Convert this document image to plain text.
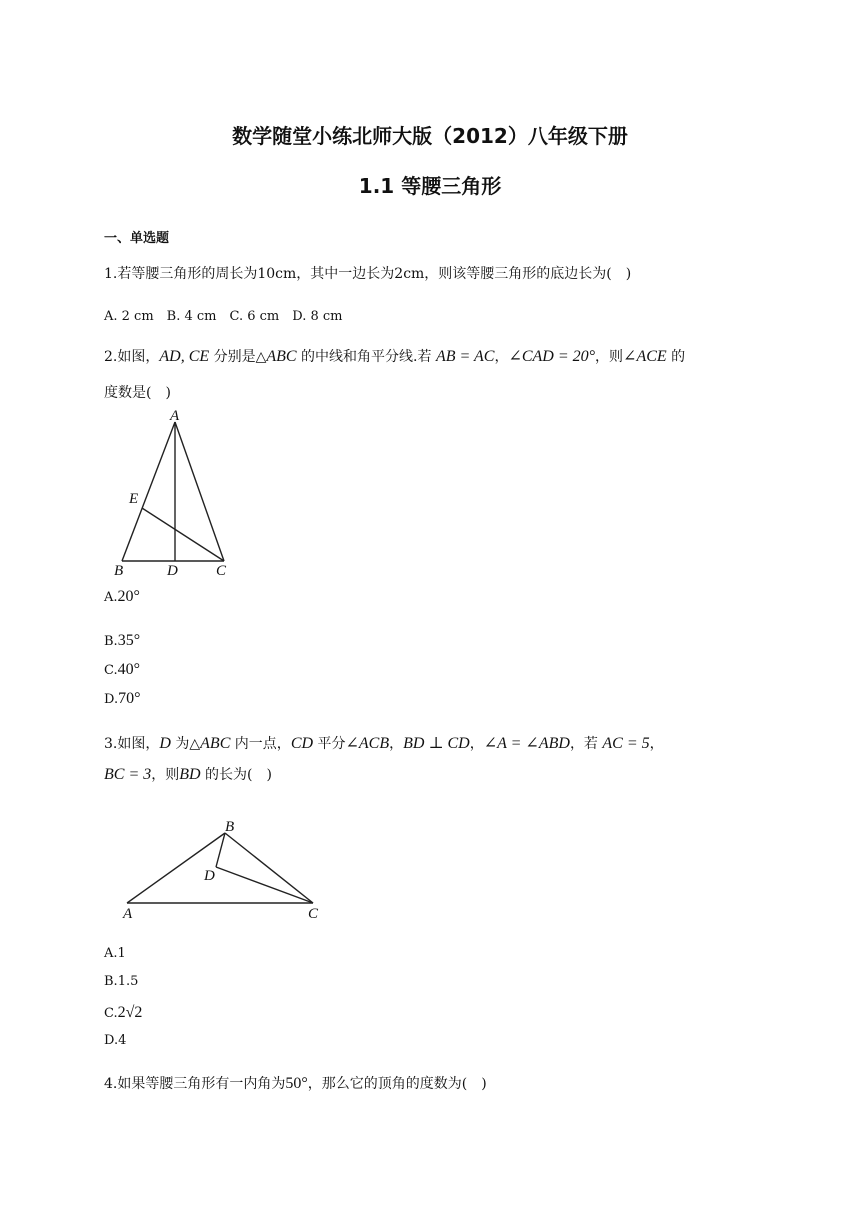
数学随堂小练北师大版（2012）八年级下册
1.1 等腰三角形
一、单选题
1.若等腰三角形的周长为10cm，其中一边长为2cm，则该等腰三角形的底边长为(　)
A. 2 cm　B. 4 cm　C. 6 cm　D. 8 cm
2.如图，AD, CE 分别是△ABC 的中线和角平分线.若 AB = AC，∠CAD = 20°，则∠ACE 的
度数是(　)
A
E
B	D	C
A.20°
B.35°
C.40°
D.70°
3.如图，D 为△ABC 内一点，CD 平分∠ACB，BD ⊥ CD，∠A = ∠ABD，若 AC = 5，
BC = 3，则BD 的长为(　)
B
D
A	C
A.1
B.1.5
C.2√2
D.4
4.如果等腰三角形有一内角为50°，那么它的顶角的度数为(　)
